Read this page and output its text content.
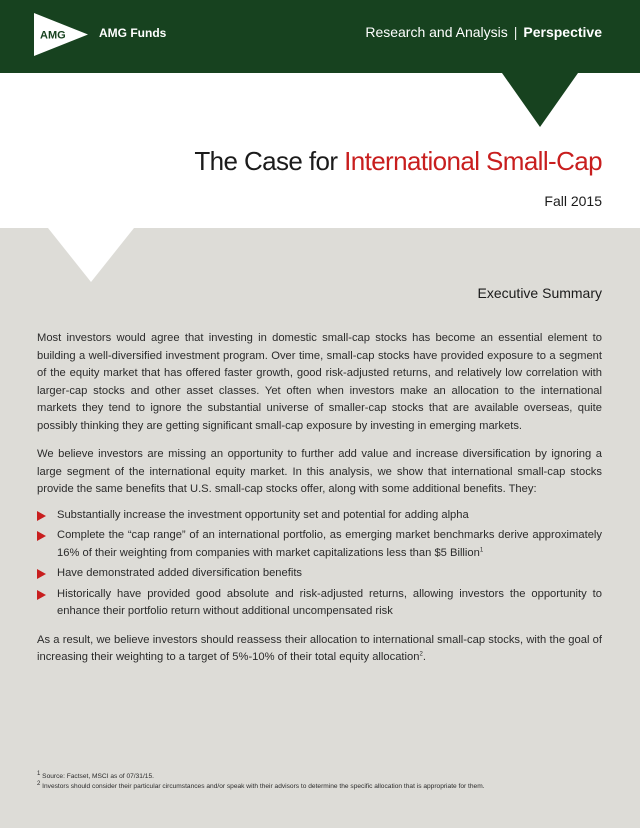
AMG	AMG Funds	Research and Analysis | Perspective
The Case for International Small-Cap
Fall 2015
Executive Summary

Most investors would agree that investing in domestic small-cap stocks has become an essential element to building a well-diversified investment program. Over time, small-cap stocks have provided exposure to a segment of the equity market that has offered faster growth, good risk-adjusted returns, and relatively low correlation with larger-cap stocks and other asset classes. Yet often when investors make an allocation to the international markets they tend to ignore the substantial universe of smaller-cap stocks that are available overseas, quite possibly thinking they are getting significant small-cap exposure by investing in emerging markets.

We believe investors are missing an opportunity to further add value and increase diversification by ignoring a large segment of the international equity market. In this analysis, we show that international small-cap stocks provide the same benefits that U.S. small-cap stocks offer, along with some additional benefits. They:

Substantially increase the investment opportunity set and potential for adding alpha
Complete the “cap range” of an international portfolio, as emerging market benchmarks derive approximately 16% of their weighting from companies with market capitalizations less than $5 Billion$^1$
Have demonstrated added diversification benefits
Historically have provided good absolute and risk-adjusted returns, allowing investors the opportunity to enhance their portfolio return without additional uncompensated risk

As a result, we believe investors should reassess their allocation to international small-cap stocks, with the goal of increasing their weighting to a target of 5%-10% of their total equity allocation$^2$.

$^1$ Source: Factset, MSCI as of 07/31/15.
$^2$ Investors should consider their particular circumstances and/or speak with their advisors to determine the specific allocation that is appropriate for them.
